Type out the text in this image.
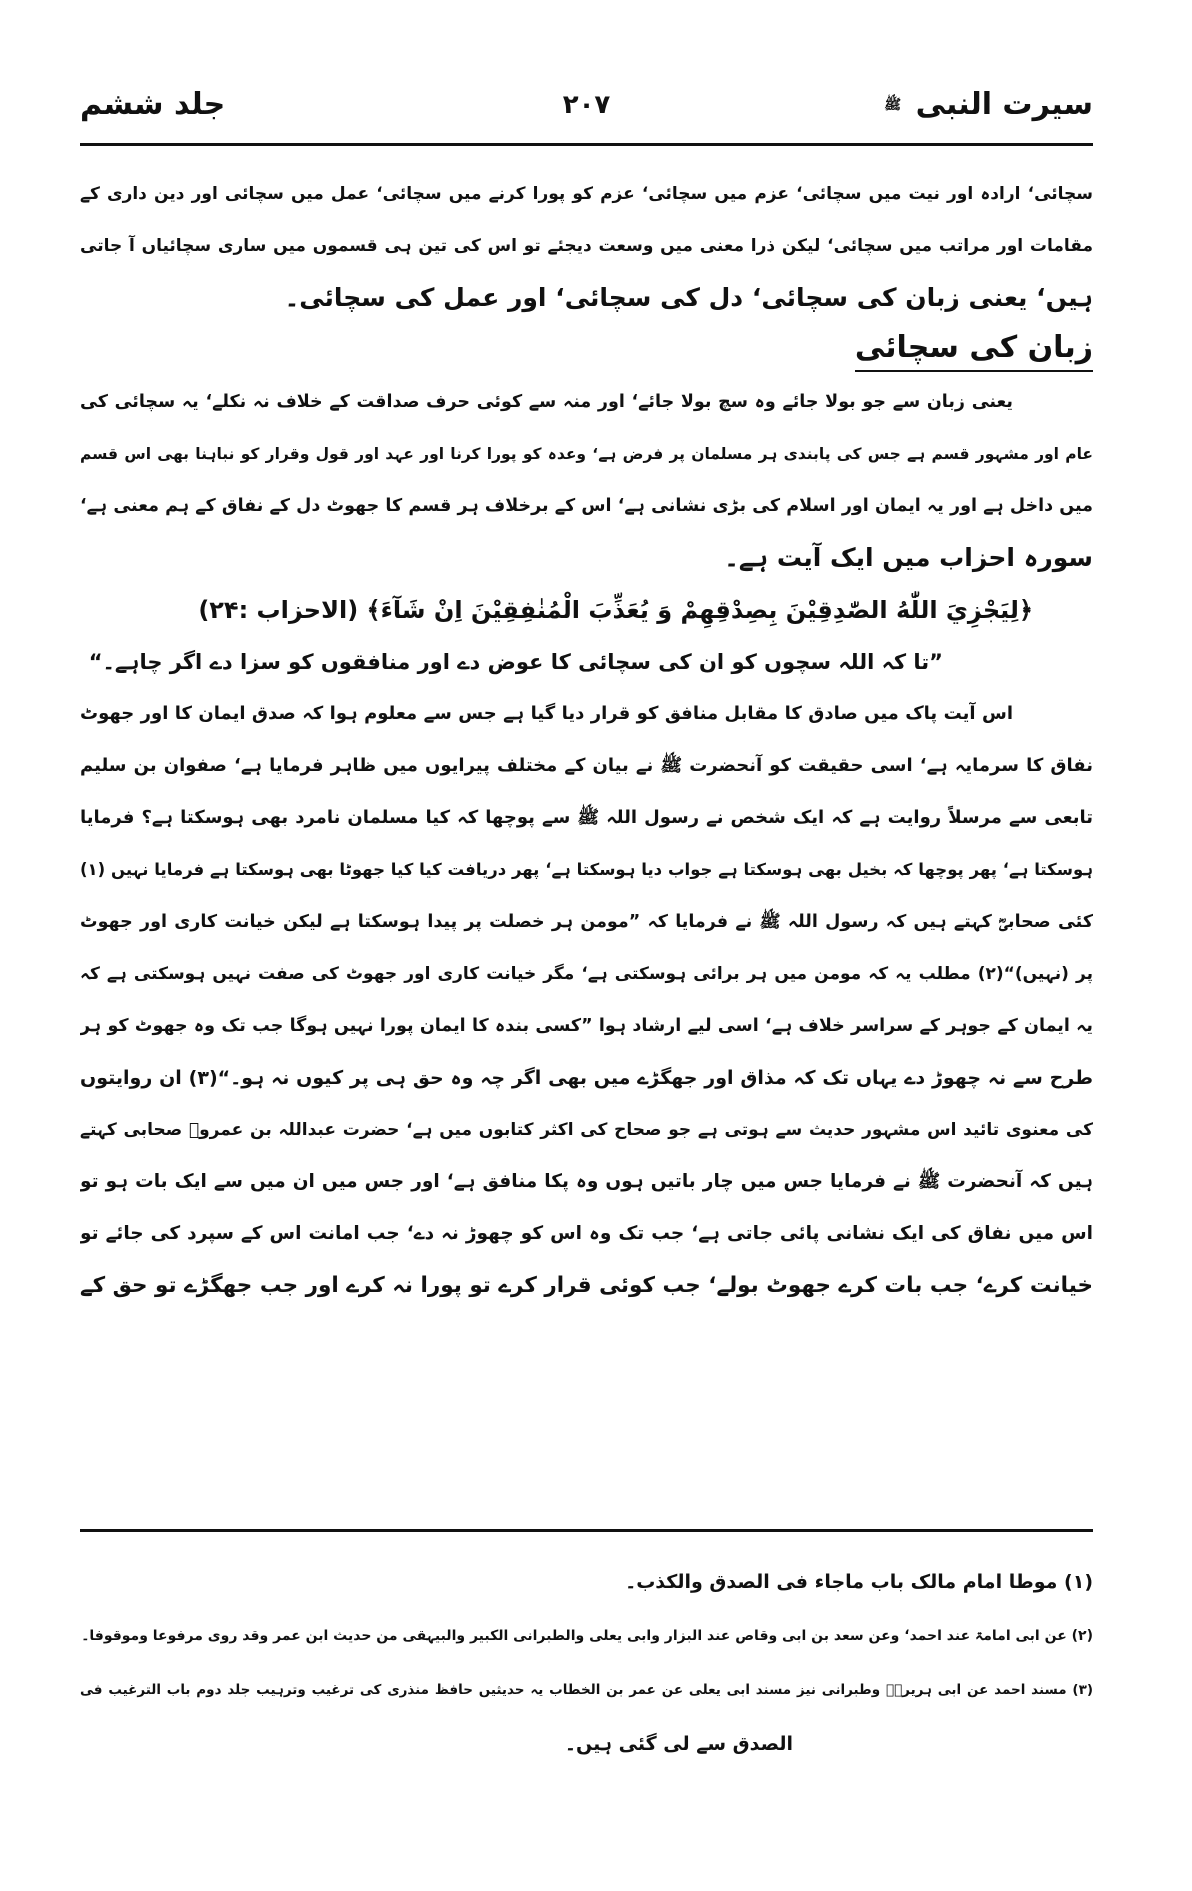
سیرت النبی $^ﷺ$
۲۰۷
جلد ششم
سچائی‘ ارادہ اور نیت میں سچائی‘ عزم میں سچائی‘ عزم کو پورا کرنے میں سچائی‘ عمل میں سچائی اور دین داری کے
مقامات اور مراتب میں سچائی‘ لیکن ذرا معنی میں وسعت دیجئے تو اس کی تین ہی قسموں میں ساری سچائیاں آ جاتی
ہیں‘ یعنی زبان کی سچائی‘ دل کی سچائی‘ اور عمل کی سچائی۔
زبان کی سچائی
یعنی زبان سے جو بولا جائے وہ سچ بولا جائے‘ اور منہ سے کوئی حرف صداقت کے خلاف نہ نکلے‘ یہ سچائی کی
عام اور مشہور قسم ہے جس کی پابندی ہر مسلمان پر فرض ہے‘ وعدہ کو پورا کرنا اور عہد اور قول وقرار کو نباہنا بھی اس قسم
میں داخل ہے اور یہ ایمان اور اسلام کی بڑی نشانی ہے‘ اس کے برخلاف ہر قسم کا جھوٹ دل کے نفاق کے ہم معنی ہے‘
سورہ احزاب میں ایک آیت ہے۔
﴿لِيَجْزِيَ اللّٰهُ الصّٰدِقِيْنَ بِصِدْقِهِمْ وَ يُعَذِّبَ الْمُنٰفِقِيْنَ اِنْ شَآءَ﴾ (الاحزاب :۲۴)
”تا کہ اللہ سچوں کو ان کی سچائی کا عوض دے اور منافقوں کو سزا دے اگر چاہے۔“
اس آیت پاک میں صادق کا مقابل منافق کو قرار دیا گیا ہے جس سے معلوم ہوا کہ صدق ایمان کا اور جھوٹ
نفاق کا سرمایہ ہے‘ اسی حقیقت کو آنحضرت ﷺ نے بیان کے مختلف پیرایوں میں ظاہر فرمایا ہے‘ صفوان بن سلیم
تابعی سے مرسلاً روایت ہے کہ ایک شخص نے رسول اللہ ﷺ سے پوچھا کہ کیا مسلمان نامرد بھی ہوسکتا ہے؟ فرمایا
ہوسکتا ہے‘ پھر پوچھا کہ بخیل بھی ہوسکتا ہے جواب دیا ہوسکتا ہے‘ پھر دریافت کیا کیا جھوٹا بھی ہوسکتا ہے فرمایا نہیں (۱)
کئی صحابیؓ کہتے ہیں کہ رسول اللہ ﷺ نے فرمایا کہ ”مومن ہر خصلت پر پیدا ہوسکتا ہے لیکن خیانت کاری اور جھوٹ
پر (نہیں)“(۲) مطلب یہ کہ مومن میں ہر برائی ہوسکتی ہے‘ مگر خیانت کاری اور جھوٹ کی صفت نہیں ہوسکتی ہے کہ
یہ ایمان کے جوہر کے سراسر خلاف ہے‘ اسی لیے ارشاد ہوا ”کسی بندہ کا ایمان پورا نہیں ہوگا جب تک وہ جھوٹ کو ہر
طرح سے نہ چھوڑ دے یہاں تک کہ مذاق اور جھگڑے میں بھی اگر چہ وہ حق ہی پر کیوں نہ ہو۔“(۳) ان روایتوں
کی معنوی تائید اس مشہور حدیث سے ہوتی ہے جو صحاح کی اکثر کتابوں میں ہے‘ حضرت عبداللہ بن عمروؓ صحابی کہتے
ہیں کہ آنحضرت ﷺ نے فرمایا جس میں چار باتیں ہوں وہ پکا منافق ہے‘ اور جس میں ان میں سے ایک بات ہو تو
اس میں نفاق کی ایک نشانی پائی جاتی ہے‘ جب تک وہ اس کو چھوڑ نہ دے‘ جب امانت اس کے سپرد کی جائے تو
خیانت کرے‘ جب بات کرے جھوٹ بولے‘ جب کوئی قرار کرے تو پورا نہ کرے اور جب جھگڑے تو حق کے
(۱) موطا امام مالک باب ماجاء فی الصدق والکذب۔
(۲) عن ابی امامۃ عند احمد‘ وعن سعد بن ابی وقاص عند البزار وابی یعلی والطبرانی الکبیر والبیہقی من حدیث ابن عمر وقد روی مرفوعا وموقوفا۔
(۳) مسند احمد عن ابی ہریرہؓ وطبرانی نیز مسند ابی یعلی عن عمر بن الخطاب یہ حدیثیں حافظ منذری کی ترغیب وترہیب جلد دوم باب الترغیب فی
الصدق سے لی گئی ہیں۔
